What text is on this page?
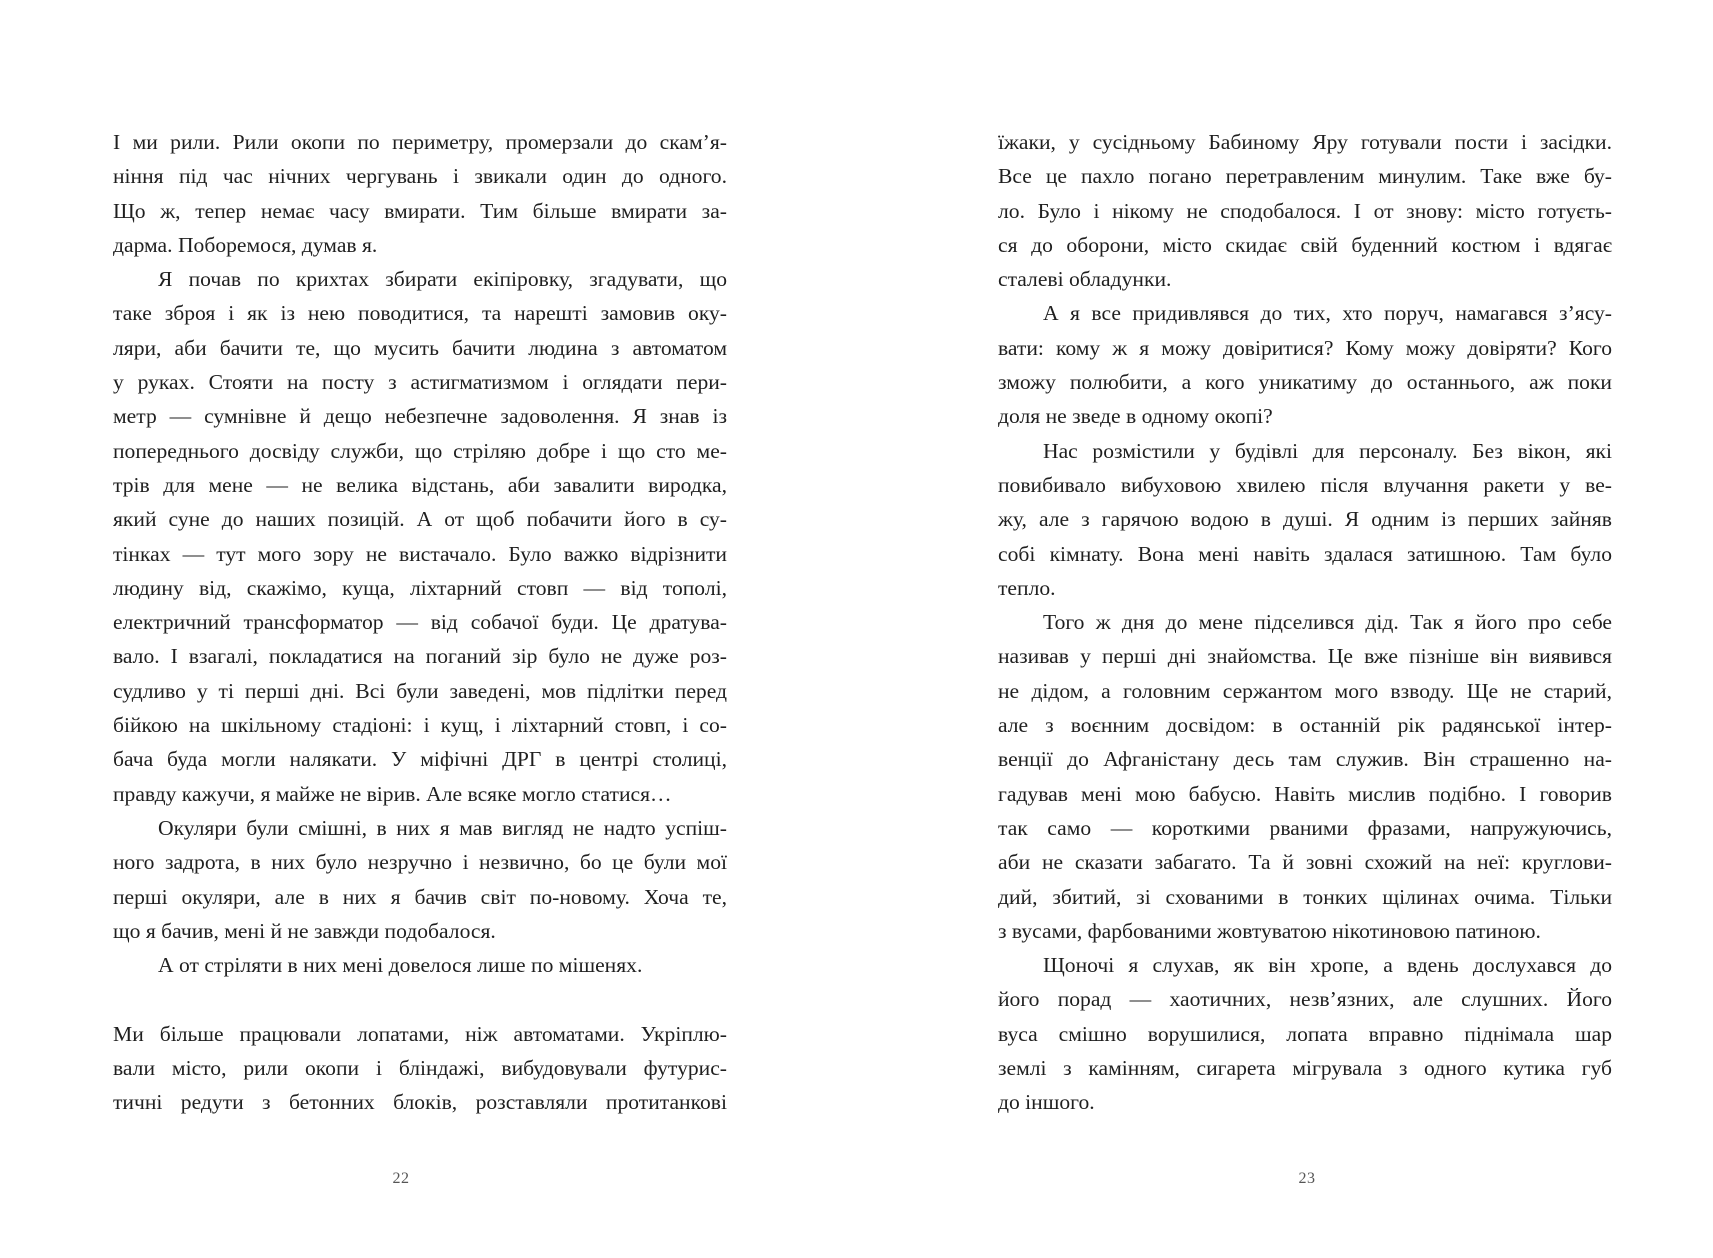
І ми рили. Рили окопи по периметру, промерзали до скам’я-
ніння під час нічних чергувань і звикали один до одного.
Що ж, тепер немає часу вмирати. Тим більше вмирати за-
дарма. Поборемося, думав я.
Я почав по крихтах збирати екіпіровку, згадувати, що
таке зброя і як із нею поводитися, та нарешті замовив оку-
ляри, аби бачити те, що мусить бачити людина з автоматом
у руках. Стояти на посту з астигматизмом і оглядати пери-
метр — сумнівне й дещо небезпечне задоволення. Я знав із
попереднього досвіду служби, що стріляю добре і що сто ме-
трів для мене — не велика відстань, аби завалити виродка,
який суне до наших позицій. А от щоб побачити його в су-
тінках — тут мого зору не вистачало. Було важко відрізнити
людину від, скажімо, куща, ліхтарний стовп — від тополі,
електричний трансформатор — від собачої буди. Це дратува-
вало. І взагалі, покладатися на поганий зір було не дуже роз-
судливо у ті перші дні. Всі були заведені, мов підлітки перед
бійкою на шкільному стадіоні: і кущ, і ліхтарний стовп, і со-
бача буда могли налякати. У міфічні ДРГ в центрі столиці,
правду кажучи, я майже не вірив. Але всяке могло статися…
Окуляри були смішні, в них я мав вигляд не надто успіш-
ного задрота, в них було незручно і незвично, бо це були мої
перші окуляри, але в них я бачив світ по-новому. Хоча те,
що я бачив, мені й не завжди подобалося.
А от стріляти в них мені довелося лише по мішенях.
Ми більше працювали лопатами, ніж автоматами. Укріплю-
вали місто, рили окопи і бліндажі, вибудовували футурис-
тичні редути з бетонних блоків, розставляли протитанкові
22
їжаки, у сусідньому Бабиному Яру готували пости і засідки.
Все це пахло погано перетравленим минулим. Таке вже бу-
ло. Було і нікому не сподобалося. І от знову: місто готуєть-
ся до оборони, місто скидає свій буденний костюм і вдягає
сталеві обладунки.
А я все придивлявся до тих, хто поруч, намагався з’ясу-
вати: кому ж я можу довіритися? Кому можу довіряти? Кого
зможу полюбити, а кого уникатиму до останнього, аж поки
доля не зведе в одному окопі?
Нас розмістили у будівлі для персоналу. Без вікон, які
повибивало вибуховою хвилею після влучання ракети у ве-
жу, але з гарячою водою в душі. Я одним із перших зайняв
собі кімнату. Вона мені навіть здалася затишною. Там було
тепло.
Того ж дня до мене підселився дід. Так я його про себе
називав у перші дні знайомства. Це вже пізніше він виявився
не дідом, а головним сержантом мого взводу. Ще не старий,
але з воєнним досвідом: в останній рік радянської інтер-
венції до Афганістану десь там служив. Він страшенно на-
гадував мені мою бабусю. Навіть мислив подібно. І говорив
так само — короткими рваними фразами, напружуючись,
аби не сказати забагато. Та й зовні схожий на неї: круглови-
дий, збитий, зі схованими в тонких щілинах очима. Тільки
з вусами, фарбованими жовтуватою нікотиновою патиною.
Щоночі я слухав, як він хропе, а вдень дослухався до
його порад — хаотичних, незв’язних, але слушних. Його
вуса смішно ворушилися, лопата вправно піднімала шар
землі з камінням, сигарета мігрувала з одного кутика губ
до іншого.
23
